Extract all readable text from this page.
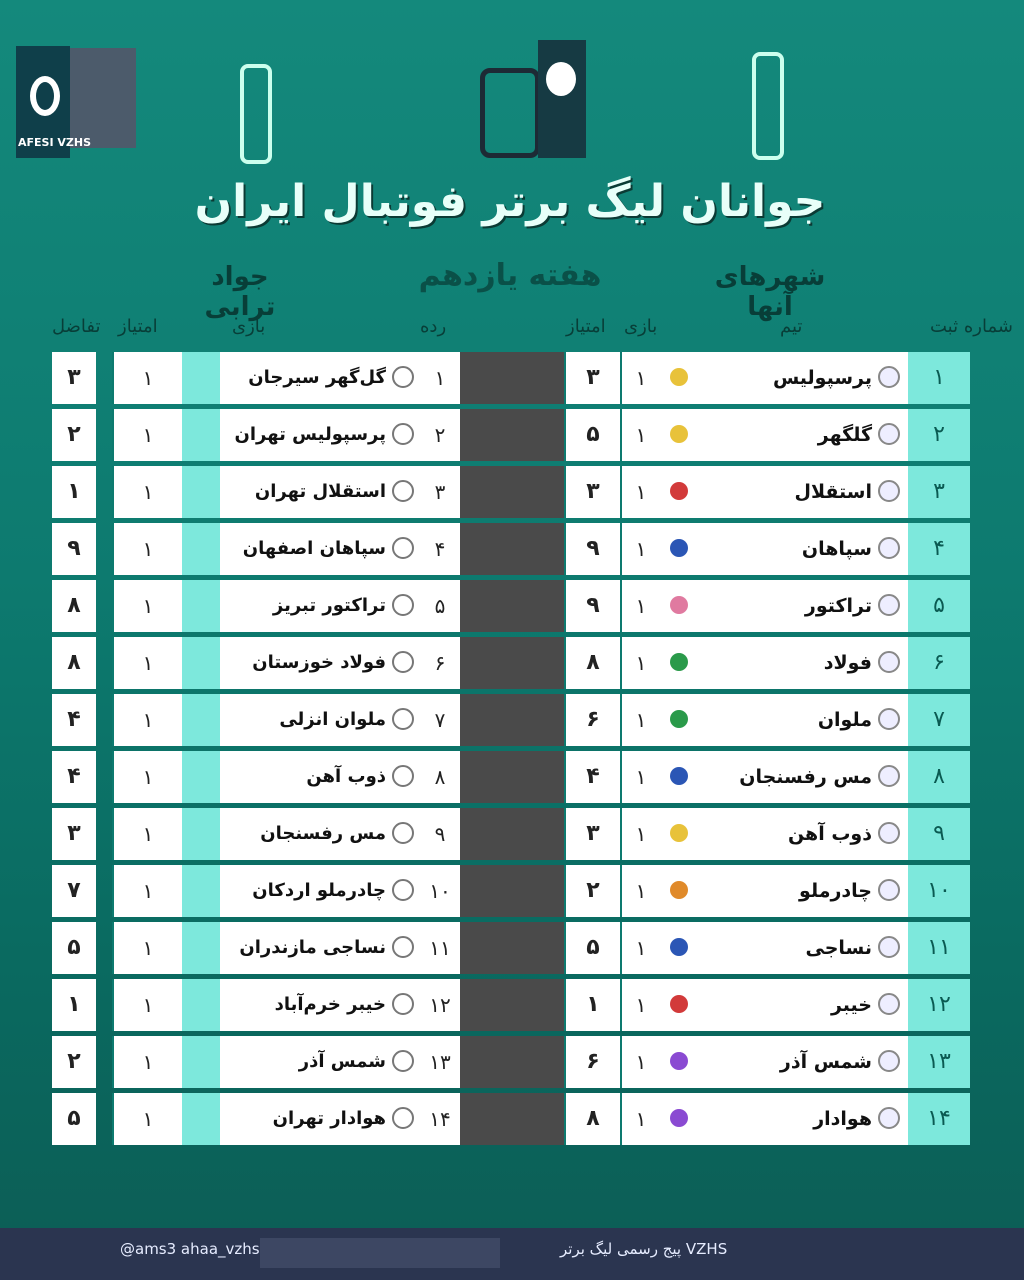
AFESI VZHS
جوانان لیگ برتر فوتبال ایران
هفته یازدهم	شهرهای آنها
جواد ترابی
شماره ثبت
تیم
بازی
امتیاز
رده
بازی
امتیاز
تفاضل
۱
پرسپولیس
۱
۳
۱
گل‌گهر سیرجان
۱
۳
۲
گلگهر
۱
۵
۲
پرسپولیس تهران
۱
۲
۳
استقلال
۱
۳
۳
استقلال تهران
۱
۱
۴
سپاهان
۱
۹
۴
سپاهان اصفهان
۱
۹
۵
تراکتور
۱
۹
۵
تراکتور تبریز
۱
۸
۶
فولاد
۱
۸
۶
فولاد خوزستان
۱
۸
۷
ملوان
۱
۶
۷
ملوان انزلی
۱
۴
۸
مس رفسنجان
۱
۴
۸
ذوب آهن
۱
۴
۹
ذوب آهن
۱
۳
۹
مس رفسنجان
۱
۳
۱۰
چادرملو
۱
۲
۱۰
چادرملو اردکان
۱
۷
۱۱
نساجی
۱
۵
۱۱
نساجی مازندران
۱
۵
۱۲
خیبر
۱
۱
۱۲
خیبر خرم‌آباد
۱
۱
۱۳
شمس آذر
۱
۶
۱۳
شمس آذر
۱
۲
۱۴
هوادار
۱
۸
۱۴
هوادار تهران
۱
۵
VZHS پیج رسمی لیگ برتر
@ams3 ahaa_vzhs
